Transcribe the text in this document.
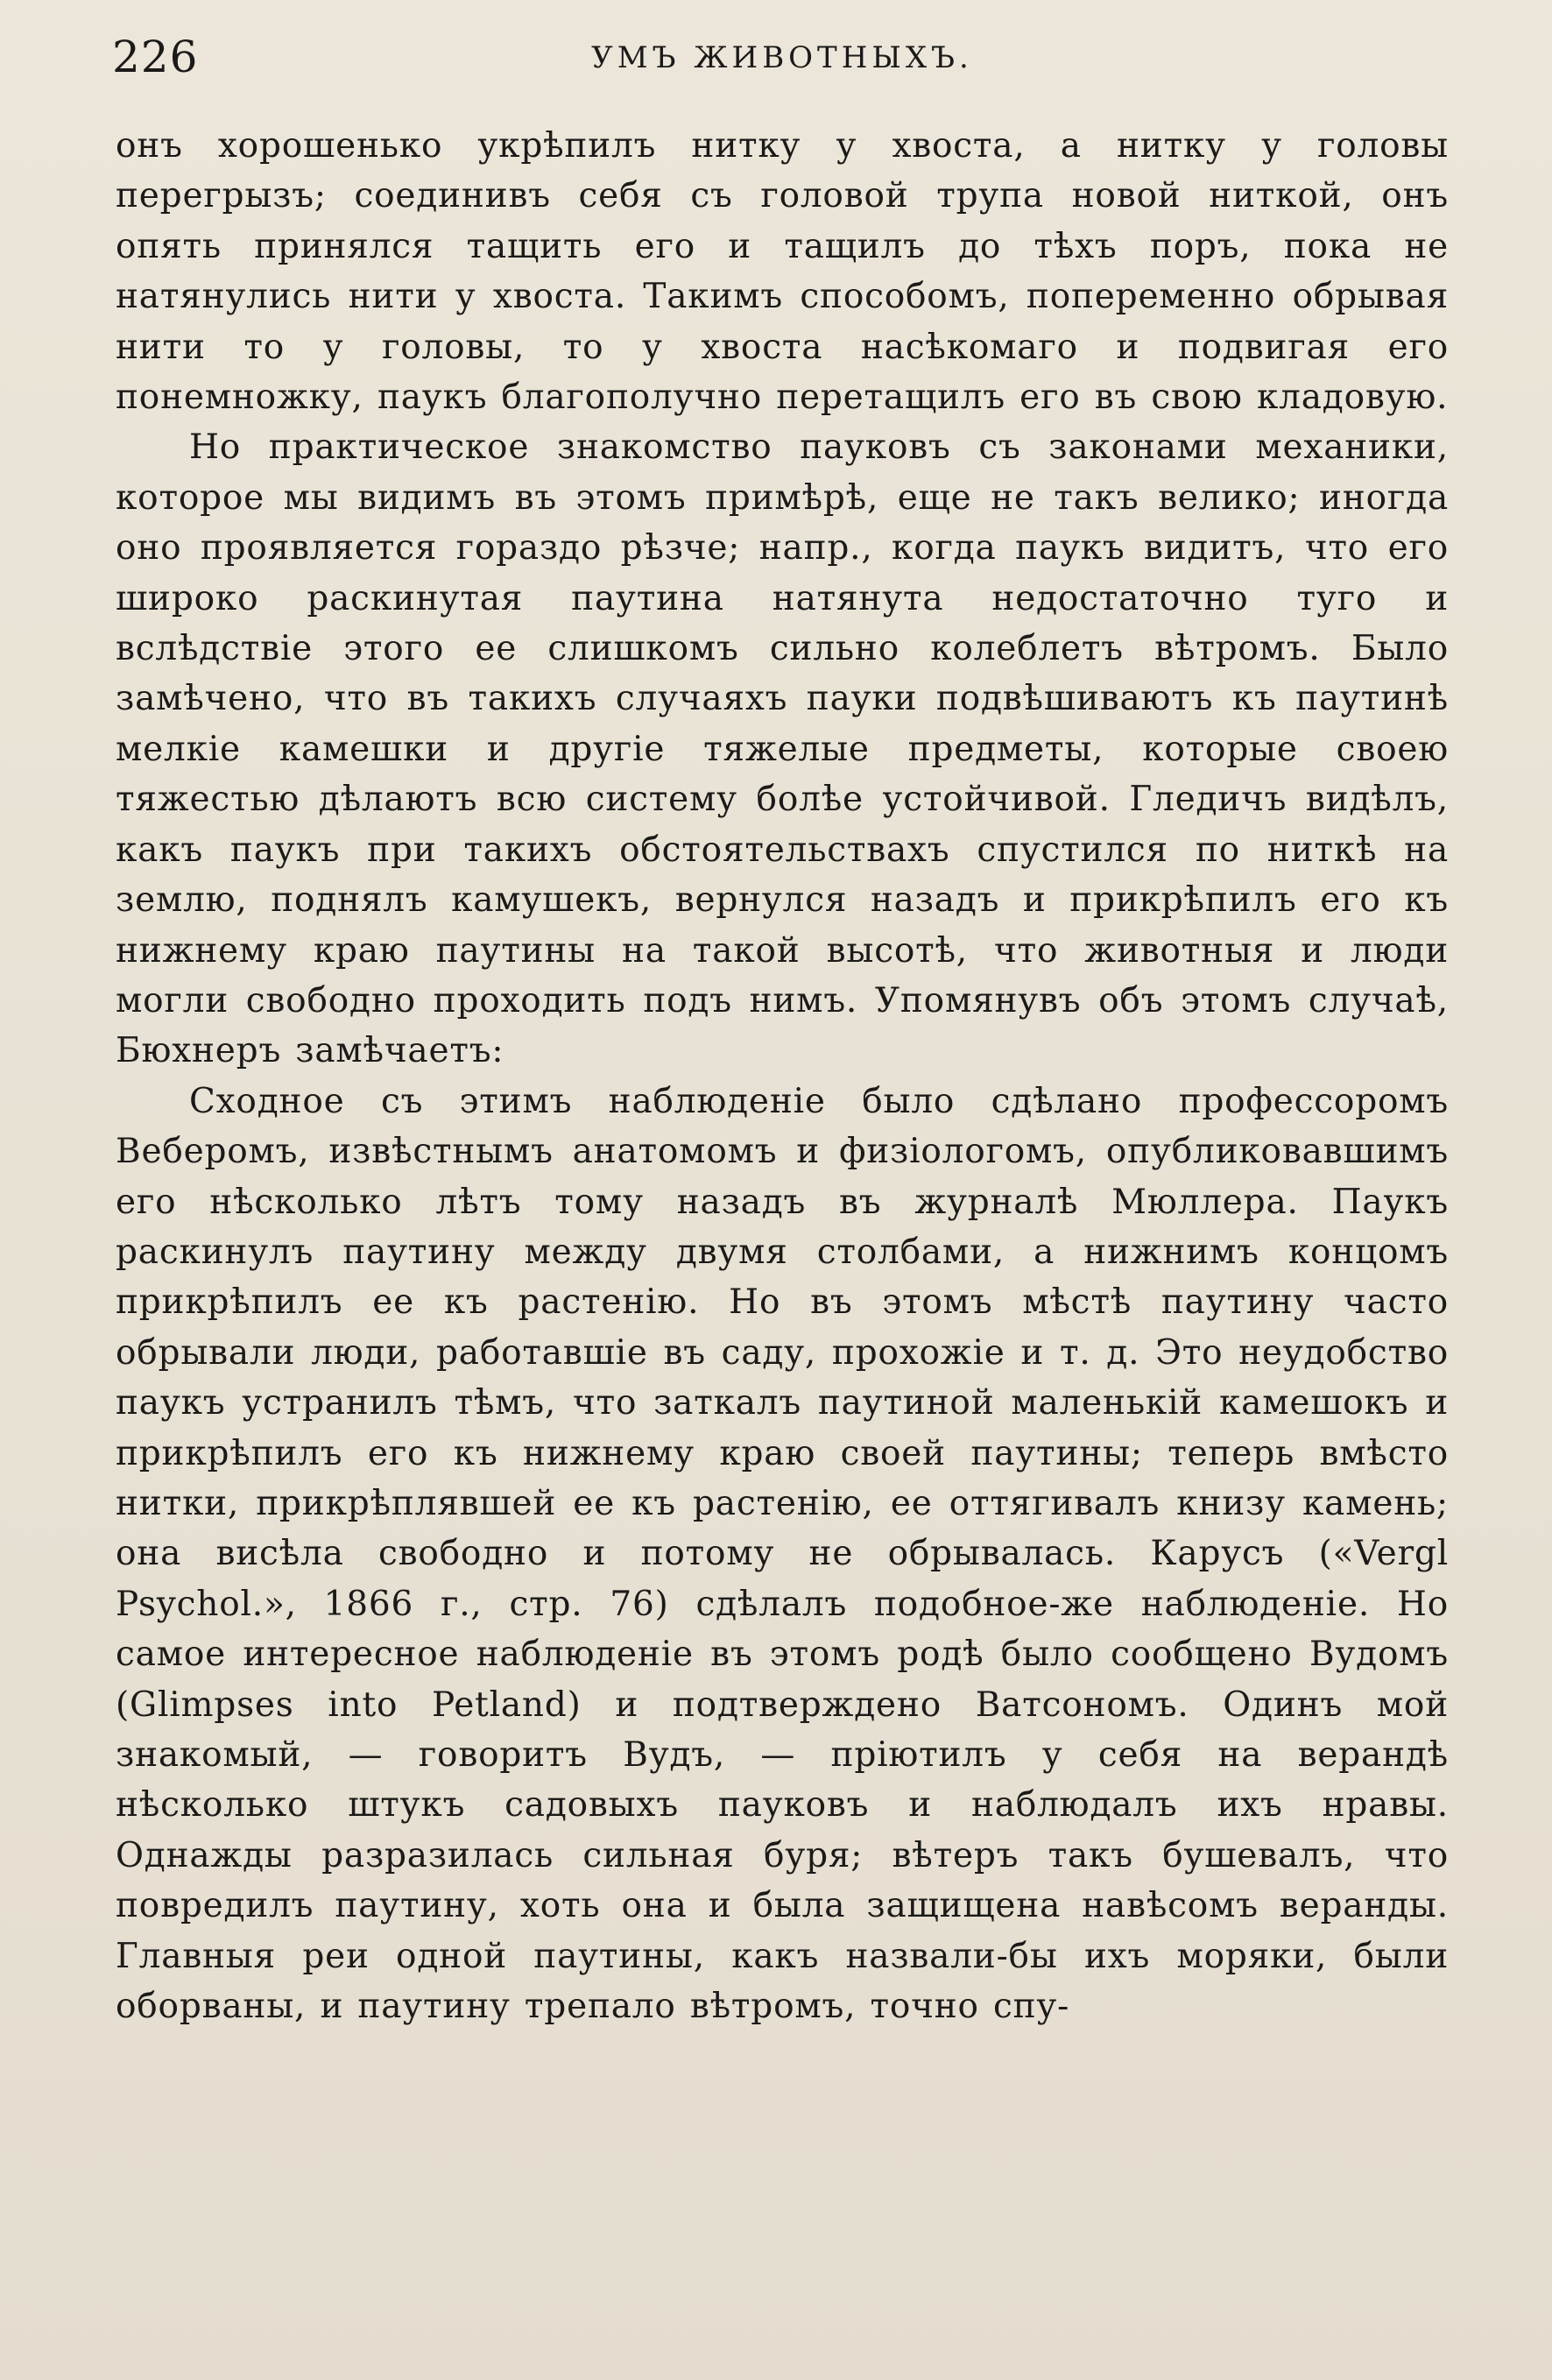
226	УМЪ ЖИВОТНЫХЪ.

онъ хорошенько укрѣпилъ нитку у хвоста, а нитку у головы перегрызъ; соединивъ себя съ головой трупа новой ниткой, онъ опять принялся тащить его и тащилъ до тѣхъ поръ, пока не натянулись нити у хвоста. Такимъ способомъ, попеременно обрывая нити то у головы, то у хвоста насѣкомаго и подвигая его понемножку, паукъ благополучно перетащилъ его въ свою кладовую.

Но практическое знакомство пауковъ съ законами механики, которое мы видимъ въ этомъ примѣрѣ, еще не такъ велико; иногда оно проявляется гораздо рѣзче; напр., когда паукъ видитъ, что его широко раскинутая паутина натянута недостаточно туго и вслѣдствіе этого ее слишкомъ сильно колеблетъ вѣтромъ. Было замѣчено, что въ такихъ случаяхъ пауки подвѣшиваютъ къ паутинѣ мелкіе камешки и другіе тяжелые предметы, которые своею тяжестью дѣлаютъ всю систему болѣе устойчивой. Гледичъ видѣлъ, какъ паукъ при такихъ обстоятельствахъ спустился по ниткѣ на землю, поднялъ камушекъ, вернулся назадъ и прикрѣпилъ его къ нижнему краю паутины на такой высотѣ, что животныя и люди могли свободно проходить подъ нимъ. Упомянувъ объ этомъ случаѣ, Бюхнеръ замѣчаетъ:

Сходное съ этимъ наблюденіе было сдѣлано профессоромъ Веберомъ, извѣстнымъ анатомомъ и физіологомъ, опубликовавшимъ его нѣсколько лѣтъ тому назадъ въ журналѣ Мюллера. Паукъ раскинулъ паутину между двумя столбами, а нижнимъ концомъ прикрѣпилъ ее къ растенію. Но въ этомъ мѣстѣ паутину часто обрывали люди, работавшіе въ саду, прохожіе и т. д. Это неудобство паукъ устранилъ тѣмъ, что заткалъ паутиной маленькій камешокъ и прикрѣпилъ его къ нижнему краю своей паутины; теперь вмѣсто нитки, прикрѣплявшей ее къ растенію, ее оттягивалъ книзу камень; она висѣла свободно и потому не обрывалась. Карусъ («Vergl Psychol.», 1866 г., стр. 76) сдѣлалъ подобное-же наблюденіе. Но самое интересное наблюденіе въ этомъ родѣ было сообщено Вудомъ (Glimpses into Petland) и подтверждено Ватсономъ. Одинъ мой знакомый, — говоритъ Вудъ, — пріютилъ у себя на верандѣ нѣсколько штукъ садовыхъ пауковъ и наблюдалъ ихъ нравы. Однажды разразилась сильная буря; вѣтеръ такъ бушевалъ, что повредилъ паутину, хоть она и была защищена навѣсомъ веранды. Главныя реи одной паутины, какъ назвали-бы ихъ моряки, были оборваны, и паутину трепало вѣтромъ, точно спу-
